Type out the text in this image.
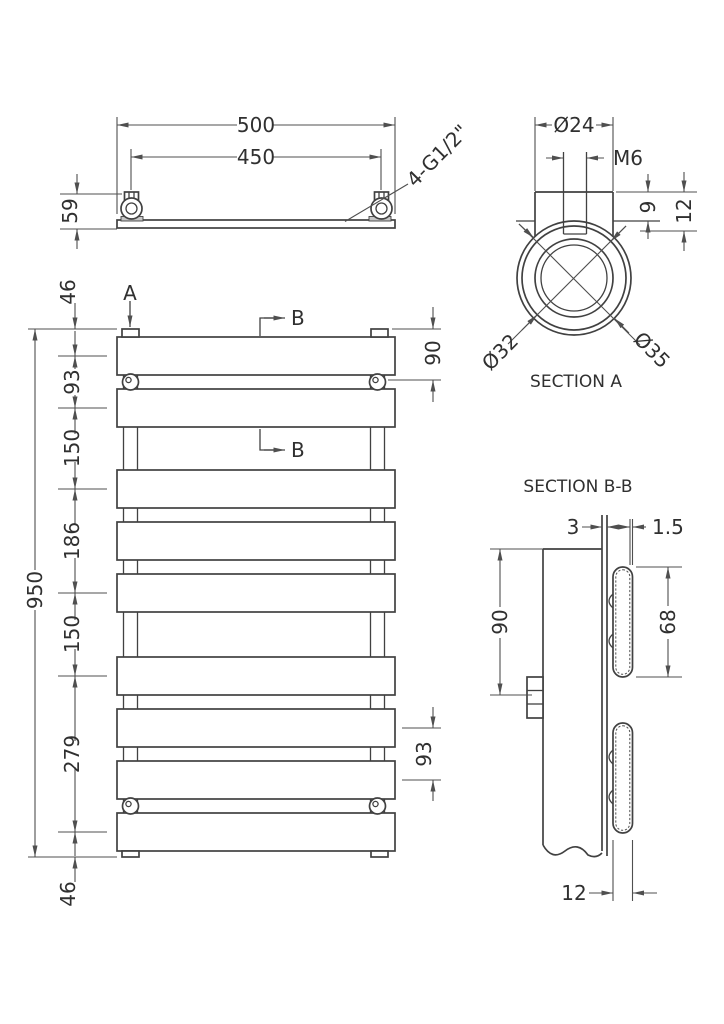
500
450
59
4-G1/2"
A
B
B
950
46
93
150
186
150
279
46
90
93
Ø24
M6
9 12
Ø32	Ø35
SECTION A
SECTION B-B
3	1.5
90	68
12
